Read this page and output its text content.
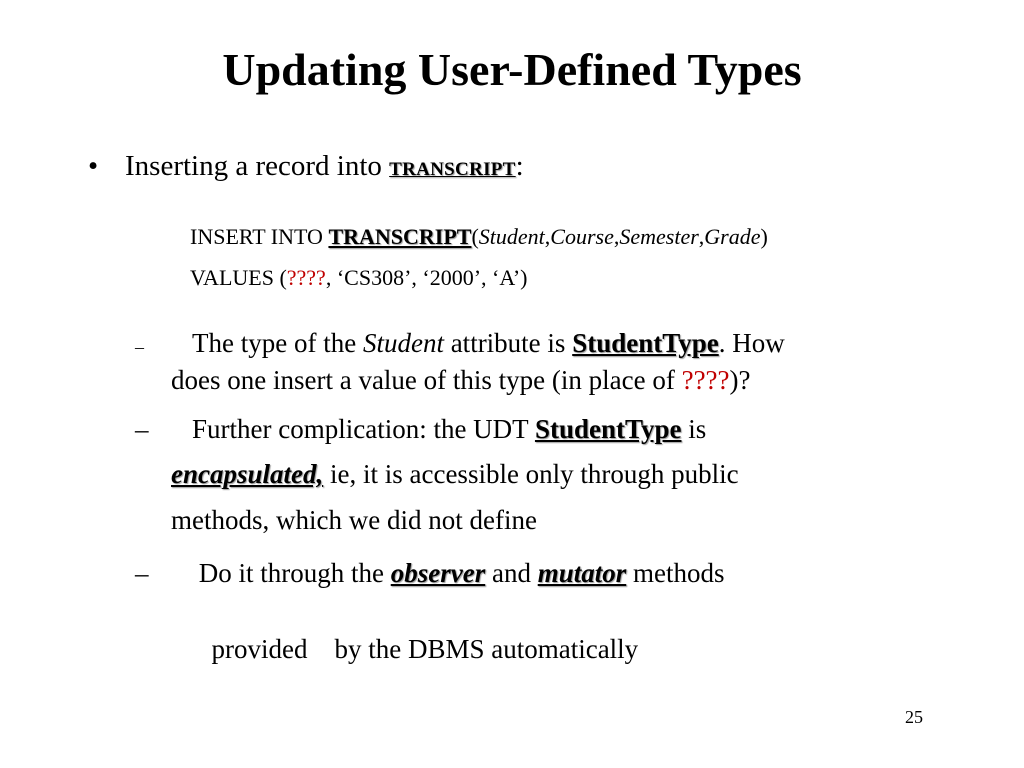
Updating User-Defined Types
• Inserting a record into TRANSCRIPT:
INSERT INTO TRANSCRIPT(Student,Course,Semester,Grade)
VALUES (????, ‘CS308’, ‘2000’, ‘A’)
– The type of the Student attribute is StudentType. How
does one insert a value of this type (in place of ????)?
– Further complication: the UDT StudentType is
encapsulated, ie, it is accessible only through public
methods, which we did not define
– Do it through the observer and mutator methods

provided    by the DBMS automatically

25
